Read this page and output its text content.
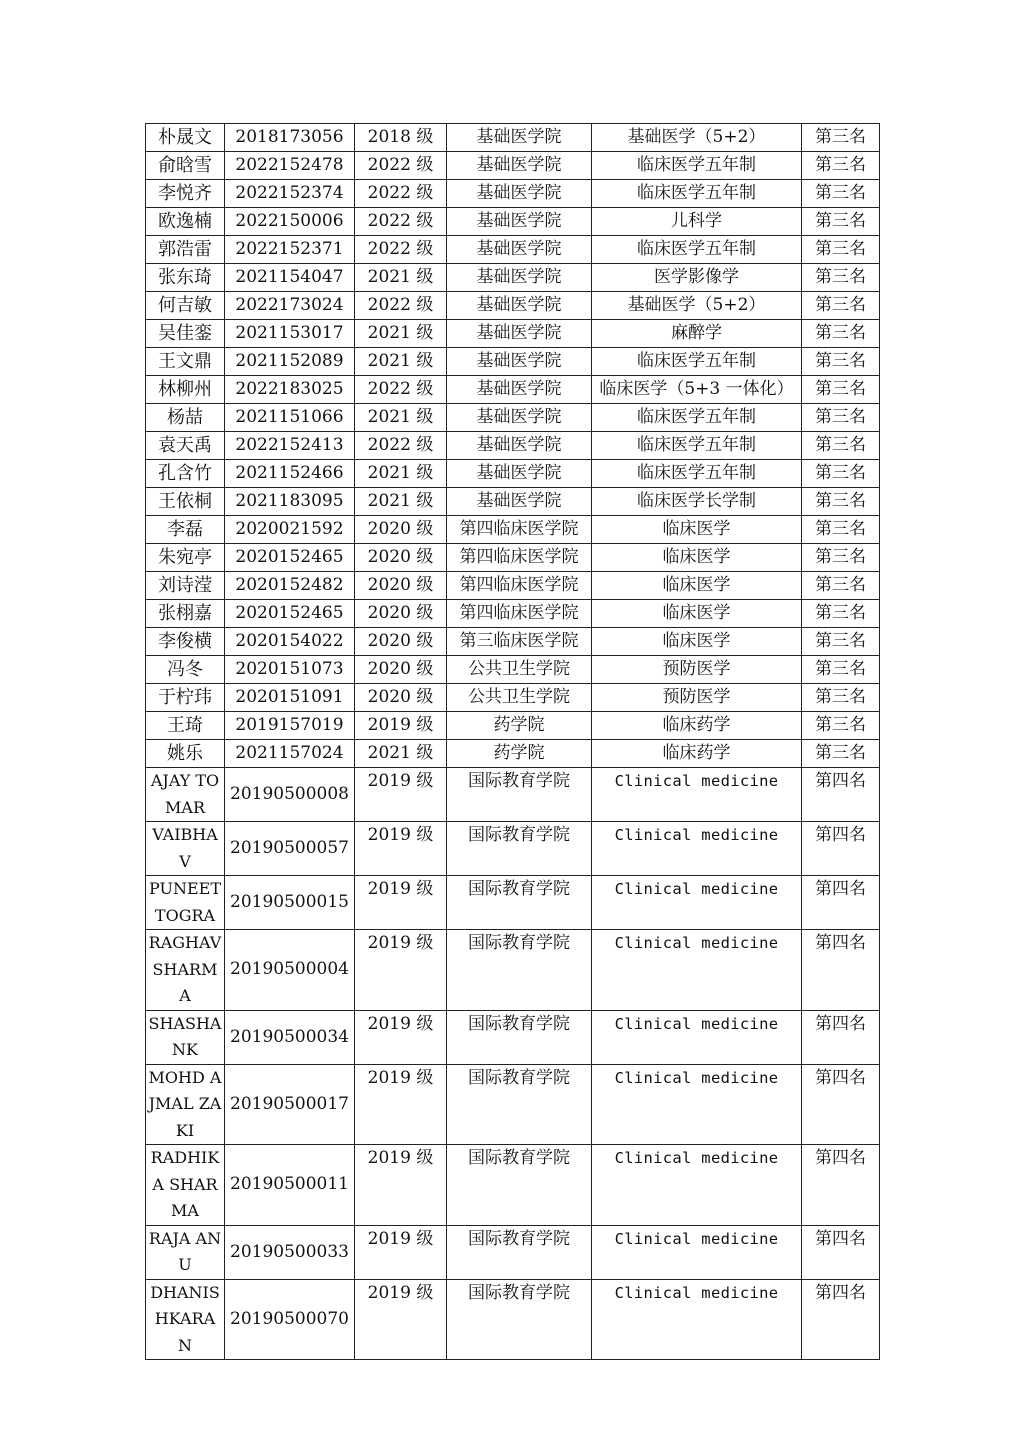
朴晟文	2018173056	2018 级	基础医学院	基础医学（5+2）	第三名
俞晗雪	2022152478	2022 级	基础医学院	临床医学五年制	第三名
李悦齐	2022152374	2022 级	基础医学院	临床医学五年制	第三名
欧逸楠	2022150006	2022 级	基础医学院	儿科学	第三名
郭浩雷	2022152371	2022 级	基础医学院	临床医学五年制	第三名
张东琦	2021154047	2021 级	基础医学院	医学影像学	第三名
何吉敏	2022173024	2022 级	基础医学院	基础医学（5+2）	第三名
吴佳銮	2021153017	2021 级	基础医学院	麻醉学	第三名
王文鼎	2021152089	2021 级	基础医学院	临床医学五年制	第三名
林柳州	2022183025	2022 级	基础医学院	临床医学（5+3 一体化）	第三名
杨喆	2021151066	2021 级	基础医学院	临床医学五年制	第三名
袁天禹	2022152413	2022 级	基础医学院	临床医学五年制	第三名
孔含竹	2021152466	2021 级	基础医学院	临床医学五年制	第三名
王依桐	2021183095	2021 级	基础医学院	临床医学长学制	第三名
李磊	2020021592	2020 级	第四临床医学院	临床医学	第三名
朱宛亭	2020152465	2020 级	第四临床医学院	临床医学	第三名
刘诗滢	2020152482	2020 级	第四临床医学院	临床医学	第三名
张栩嘉	2020152465	2020 级	第四临床医学院	临床医学	第三名
李俊横	2020154022	2020 级	第三临床医学院	临床医学	第三名
冯冬	2020151073	2020 级	公共卫生学院	预防医学	第三名
于柠玮	2020151091	2020 级	公共卫生学院	预防医学	第三名
王琦	2019157019	2019 级	药学院	临床药学	第三名
姚乐	2021157024	2021 级	药学院	临床药学	第三名
AJAY TOMAR	20190500008	2019 级	国际教育学院	Clinical medicine	第四名
VAIBHAV	20190500057	2019 级	国际教育学院	Clinical medicine	第四名
PUNEET TOGRA	20190500015	2019 级	国际教育学院	Clinical medicine	第四名
RAGHAV SHARMA	20190500004	2019 级	国际教育学院	Clinical medicine	第四名
SHASHANK	20190500034	2019 级	国际教育学院	Clinical medicine	第四名
MOHD AJMAL ZAKI	20190500017	2019 级	国际教育学院	Clinical medicine	第四名
RADHIKA SHARMA	20190500011	2019 级	国际教育学院	Clinical medicine	第四名
RAJA ANU	20190500033	2019 级	国际教育学院	Clinical medicine	第四名
DHANISHKARAN	20190500070	2019 级	国际教育学院	Clinical medicine	第四名
